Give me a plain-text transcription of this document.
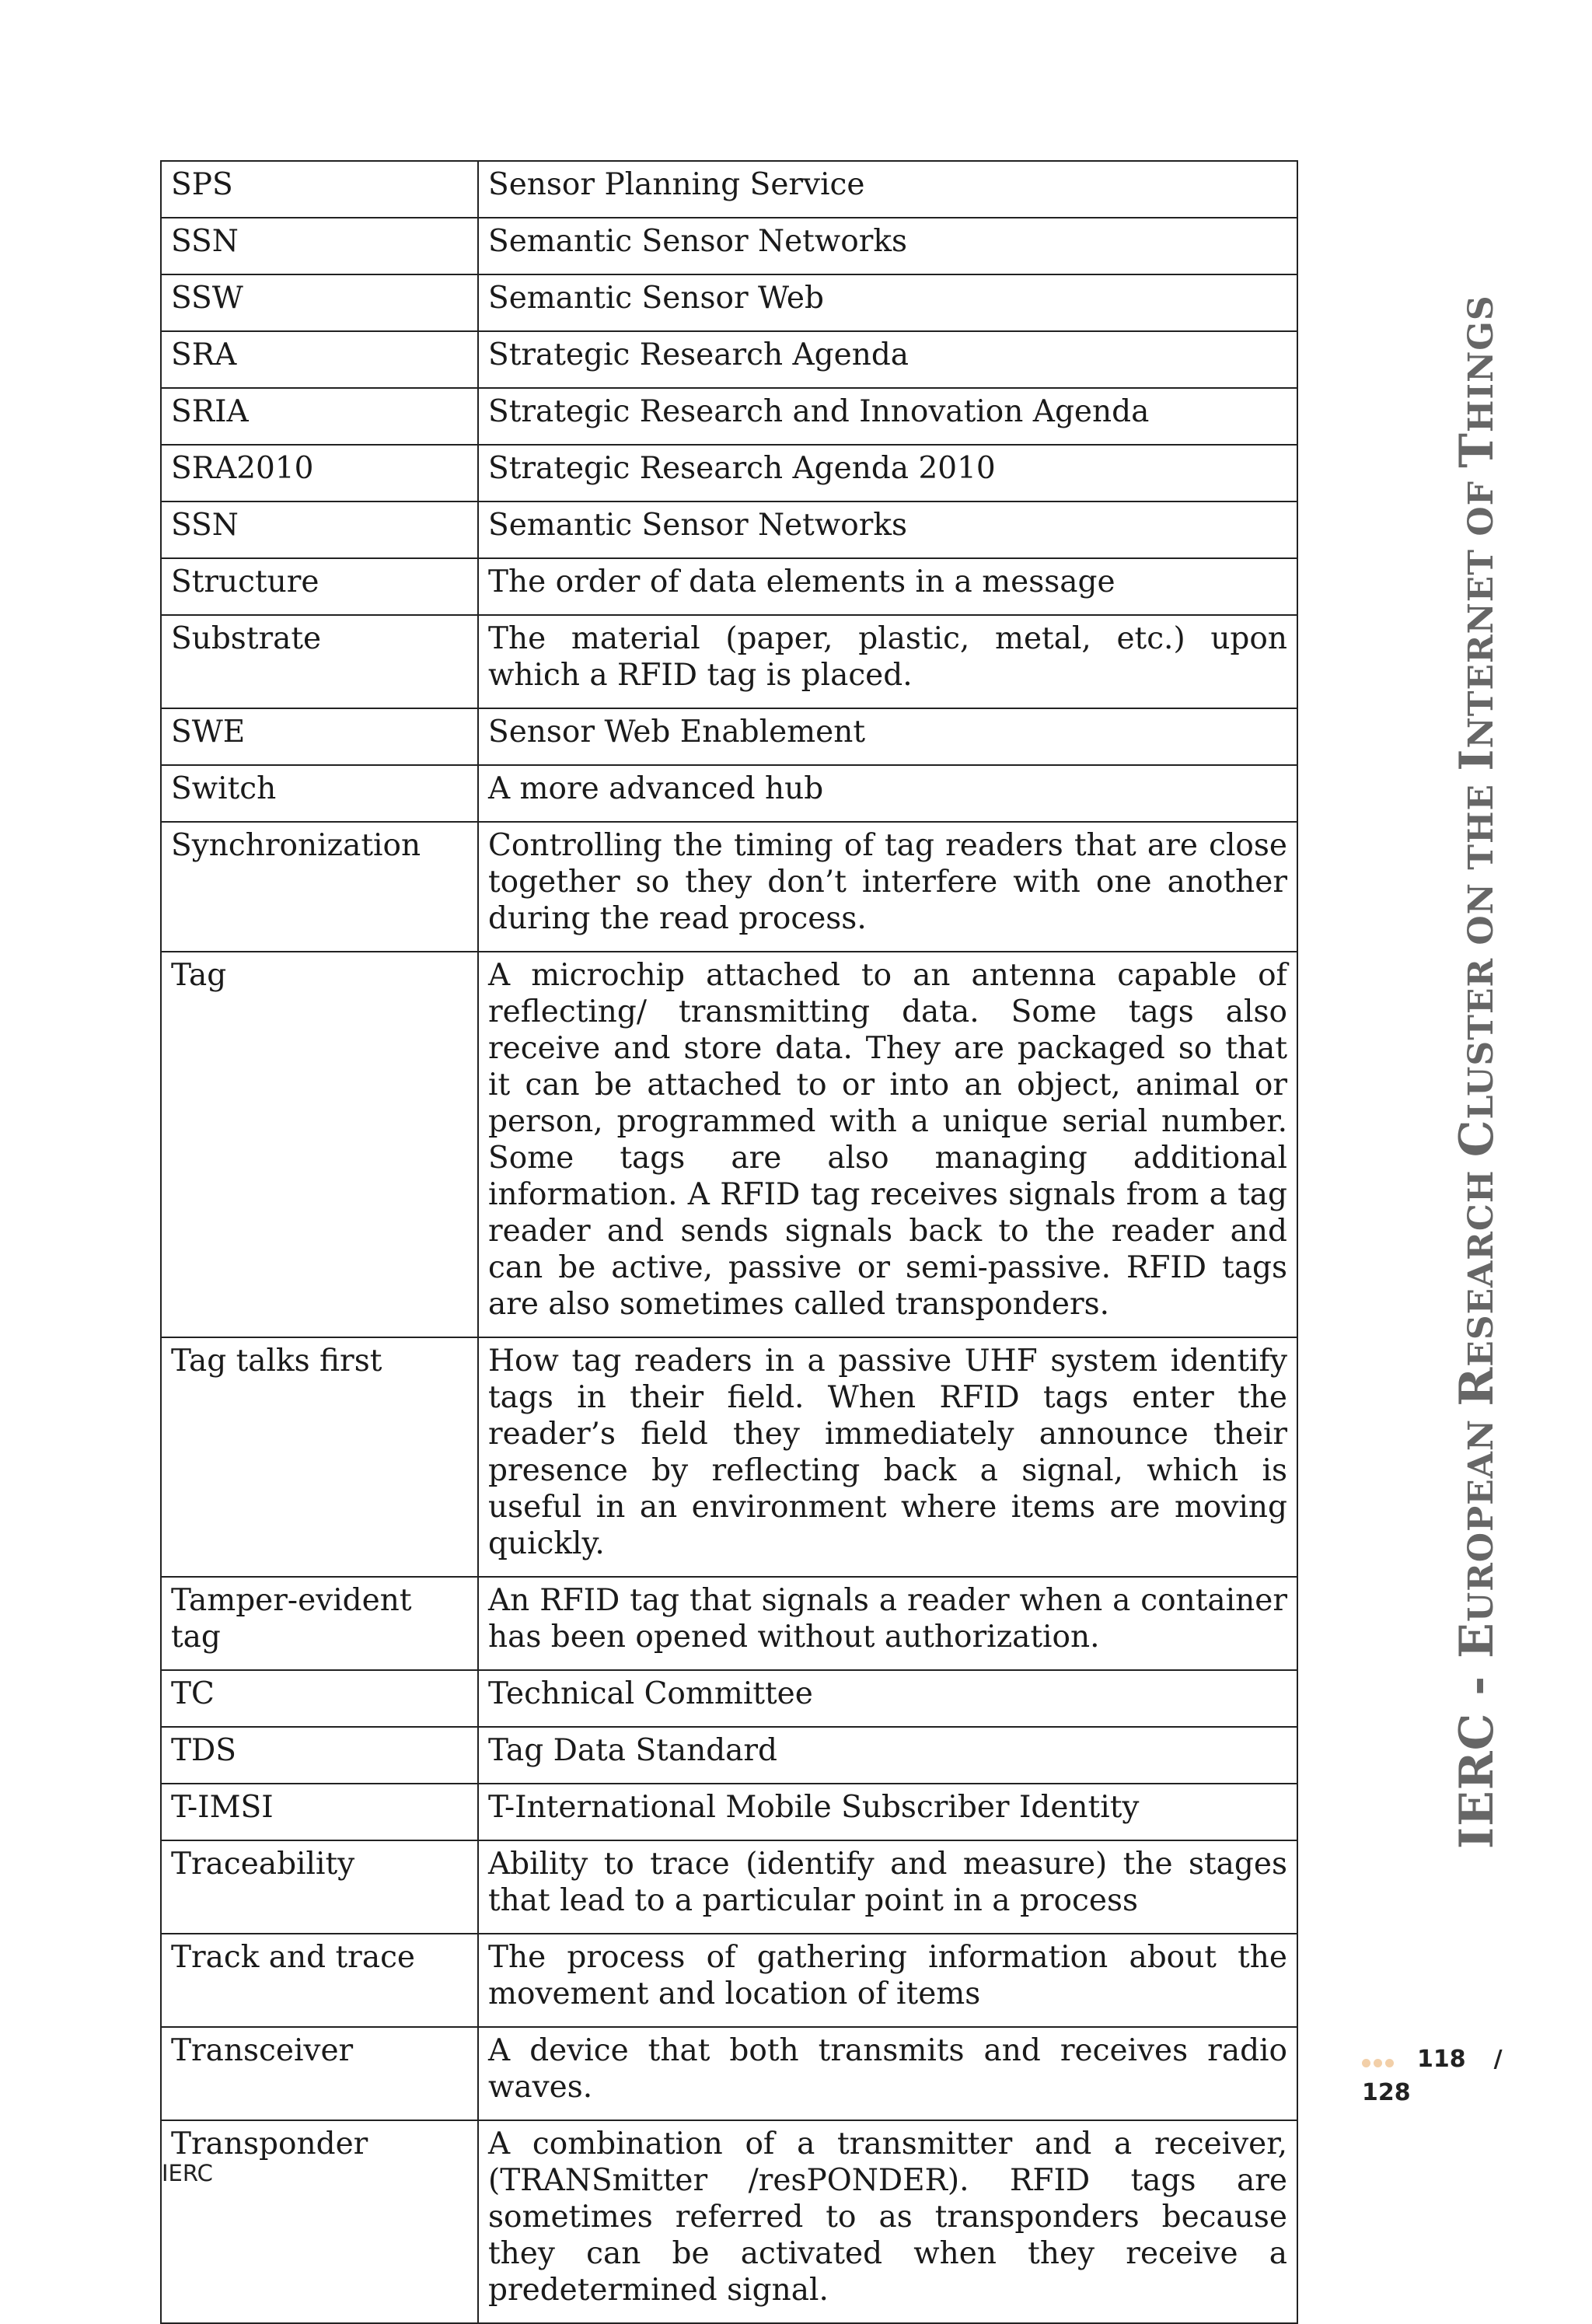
SPS	Sensor Planning Service
SSN	Semantic Sensor Networks
SSW	Semantic Sensor Web
SRA	Strategic Research Agenda
SRIA	Strategic Research and Innovation Agenda
SRA2010	Strategic Research Agenda 2010
SSN	Semantic Sensor Networks
Structure	The order of data elements in a message
Substrate	The material (paper, plastic, metal, etc.) upon which a RFID tag is placed.
SWE	Sensor Web Enablement
Switch	A more advanced hub
Synchronization	Controlling the timing of tag readers that are close together so they don’t interfere with one another during the read process.
Tag	A microchip attached to an antenna capable of reflecting/ transmitting data. Some tags also receive and store data. They are packaged so that it can be attached to or into an object, animal or person, programmed with a unique serial number. Some tags are also managing additional information. A RFID tag receives signals from a tag reader and sends signals back to the reader and can be active, passive or semi-passive. RFID tags are also sometimes called transponders.
Tag talks first	How tag readers in a passive UHF system identify tags in their field. When RFID tags enter the reader’s field they immediately announce their presence by reflecting back a signal, which is useful in an environment where items are moving quickly.
Tamper-evident tag	An RFID tag that signals a reader when a container has been opened without authorization.
TC	Technical Committee
TDS	Tag Data Standard
T-IMSI	T-International Mobile Subscriber Identity
Traceability	Ability to trace (identify and measure) the stages that lead to a particular point in a process
Track and trace	The process of gathering information about the movement and location of items
Transceiver	A device that both transmits and receives radio waves.
Transponder	A combination of a transmitter and a receiver, (TRANSmitter /resPONDER). RFID tags are sometimes referred to as transponders because they can be activated when they receive a predetermined signal.
IERC - EUROPEAN RESEARCH CLUSTER ON THE INTERNET OF THINGS
IERC
118 /
128
